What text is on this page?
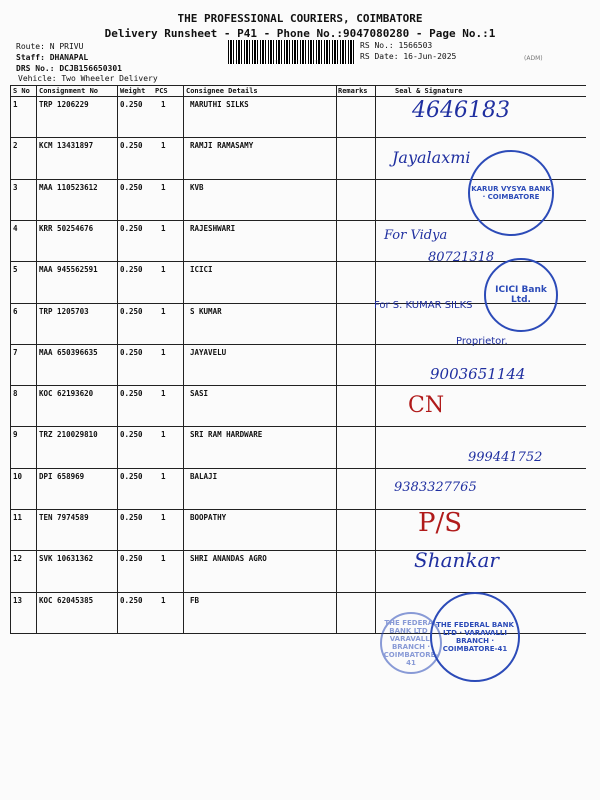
THE PROFESSIONAL COURIERS, COIMBATORE
Delivery Runsheet - P41 - Phone No.:9047080280 - Page No.:1
Route: N PRIVU
Staff: DHANAPAL
DRS No.: DCJB156650301
Vehicle: Two Wheeler Delivery
RS No.: 1566503
RS Date: 16-Jun-2025	(ADM)
S No Consignment No	Weight PCS	Consignee Details	Remarks	Seal & Signature
1	TRP 1206229	0.250 1	MARUTHI SILKS
2	KCM 13431897	0.250 1	RAMJI RAMASAMY
3	MAA 110523612	0.250 1	KVB
4	KRR 50254676	0.250 1	RAJESHWARI
5	MAA 945562591	0.250 1	ICICI
6	TRP 1205703	0.250 1	S KUMAR
7	MAA 650396635	0.250 1	JAYAVELU
8	KOC 62193620	0.250 1	SASI
9	TRZ 210029810	0.250 1	SRI RAM HARDWARE
10 DPI 658969	0.250 1	BALAJI
11 TEN 7974589	0.250 1	BOOPATHY
12 SVK 10631362	0.250 1	SHRI ANANDAS AGRO
13 KOC 62045385	0.250 1	FB
4646183
Jayalaxmi
For Vidya
80721318
For S. KUMAR SILKS
Proprietor.
9003651144
CN
999441752
9383327765
P/S
Shankar
KARUR VYSYA BANK · COIMBATORE
ICICI Bank Ltd.
THE FEDERAL BANK LTD · VARAVALLI BRANCH · COIMBATORE-41
THE FEDERAL BANK LTD · VARAVALLI BRANCH · COIMBATORE-41
